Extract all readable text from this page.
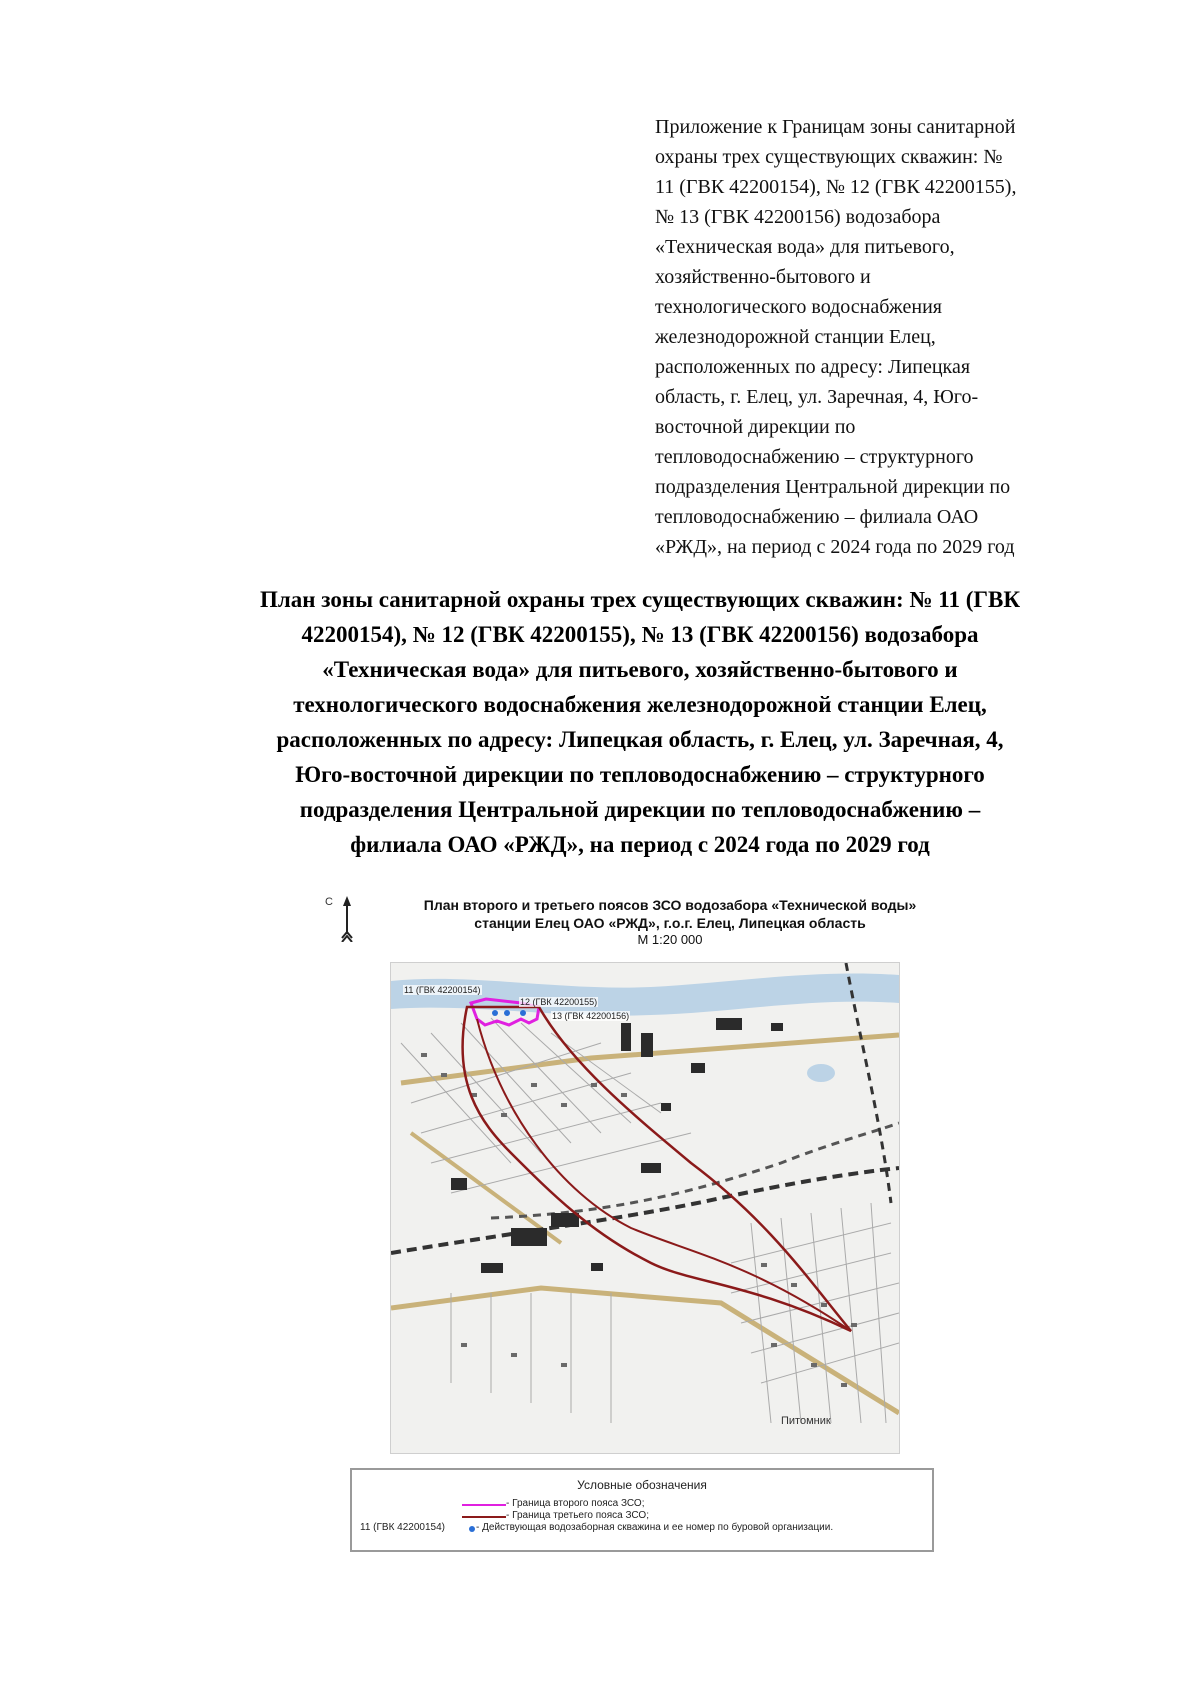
Приложение к Границам зоны санитарной
охраны трех существующих скважин: №
11 (ГВК 42200154), № 12 (ГВК 42200155),
№ 13 (ГВК 42200156) водозабора
«Техническая вода» для питьевого,
хозяйственно-бытового и
технологического водоснабжения
железнодорожной станции Елец,
расположенных по адресу: Липецкая
область, г. Елец, ул. Заречная, 4, Юго-
восточной дирекции по
тепловодоснабжению – структурного
подразделения Центральной дирекции по
тепловодоснабжению – филиала ОАО
«РЖД», на период с 2024 года по 2029 год
План зоны санитарной охраны трех существующих скважин: № 11 (ГВК
42200154), № 12 (ГВК 42200155), № 13 (ГВК 42200156) водозабора
«Техническая вода» для питьевого, хозяйственно-бытового и
технологического водоснабжения железнодорожной станции Елец,
расположенных по адресу: Липецкая область, г. Елец, ул. Заречная, 4,
Юго-восточной дирекции по тепловодоснабжению – структурного
подразделения Центральной дирекции по тепловодоснабжению –
филиала ОАО «РЖД», на период с 2024 года по 2029 год
С	План второго и третьего поясов ЗСО водозабора «Технической воды»
станции Елец ОАО «РЖД», г.о.г. Елец, Липецкая область
М 1:20 000
11 (ГВК 42200154)
12 (ГВК 42200155)
13 (ГВК 42200156)
Питомник
Условные обозначения
- Граница второго пояса ЗСО;
- Граница третьего пояса ЗСО;
11 (ГВК 42200154)	- Действующая водозаборная скважина и ее номер по буровой организации.
